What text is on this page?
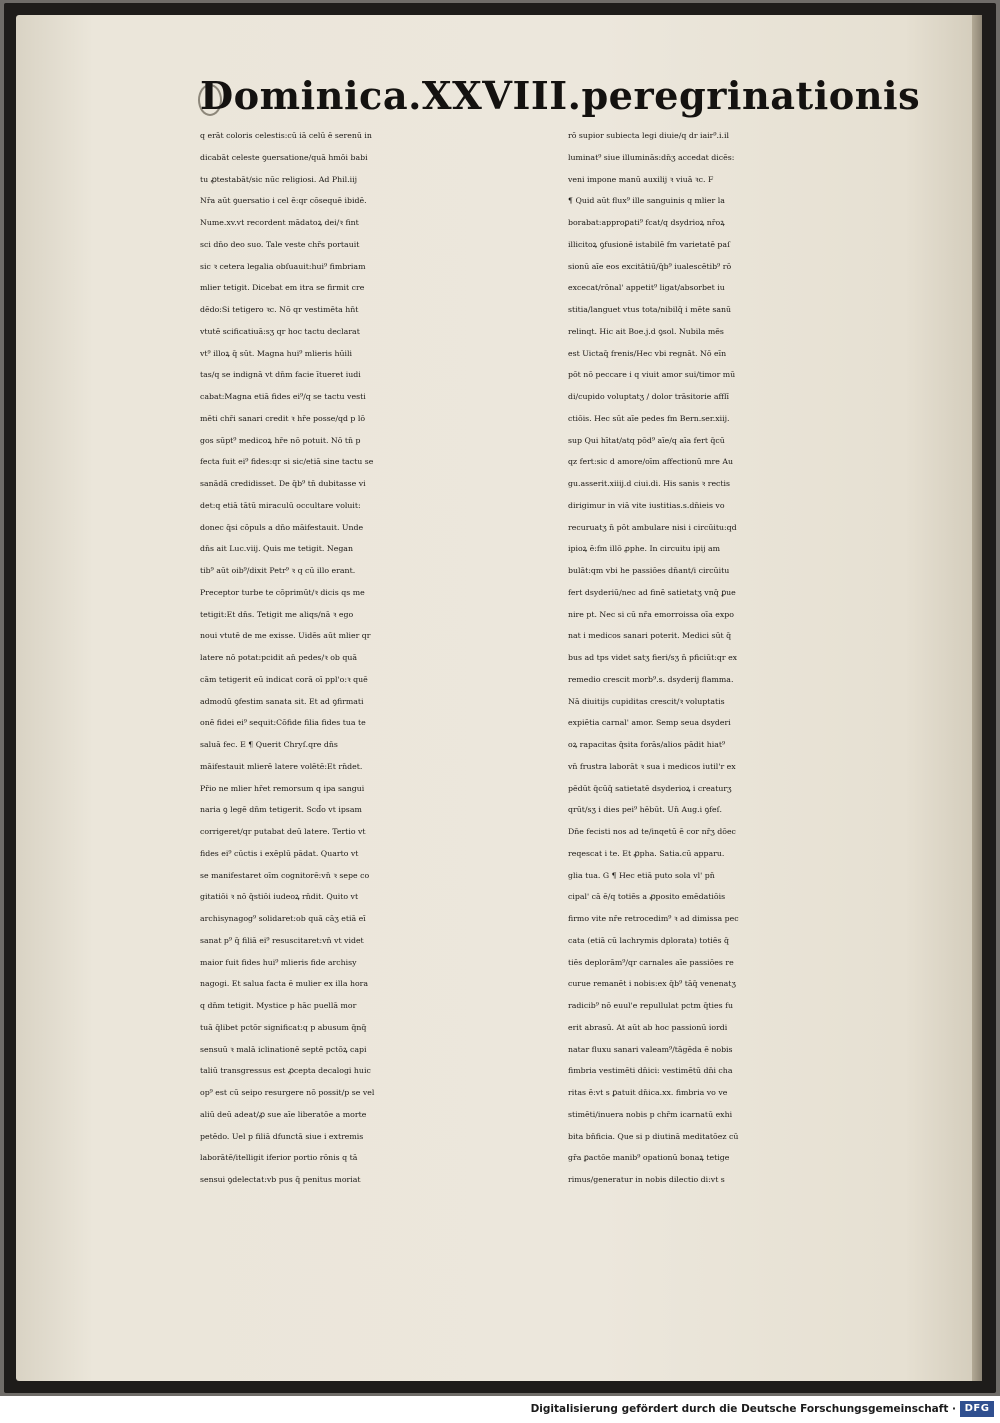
Dominica.XXVIII.peregrinationis
q erāt coloris celestis:cū iā celū ē serenū in
dicabāt celeste ꝯuersatione/quā hmōi babi
tu ꝓtestabāt/sic nūc religiosi. Ad Phil.iij
Nr̄a aūt ꝯuersatio i cel ē:qr cōsequē ibidē.
Nume.xv.vt recordent mādatoꝝ dei/ꝛ fint
sci dn̄o deo suo. Tale veste chr̄s portauit
sic ꝛ cetera legalia obſuauit:hui⁹ fimbriam
mlier tetigit. Dicebat em itra se firmit cre
dēdo:Si tetigero ꝛc. Nō qr vestimēta hn̄t
vtutē scificatiuā:sʒ qr hoc tactu declarat
vt⁹ illoꝝ q̄ sūt. Magna hui⁹ mlieris hūili
tas/q se indignā vt dn̄m facie ītueret iudi
cabat:Magna etiā fides ei⁹/q se tactu vesti
mēti chr̄i sanari credit ꝛ hr̄e posse/qd p lō
gos sūpt⁹ medicoꝝ hr̄e nō potuit. Nō tn̄ p
fecta fuit ei⁹ fides:qr si sic/etiā sine tactu se
sanādā credidisset. De q̄b⁹ tn̄ dubitasse vi
det:q etiā tātū miraculū occultare voluit:
donec q̄si cōpuls a dn̄o māifestauit. Unde
dn̄s ait Luc.viij. Quis me tetigit. Negan
tib⁹ aūt oib⁹/dixit Petr⁹ ꝛ q cū illo erant.
Preceptor turbe te cōprimūt/ꝛ dicis qs me
tetigit:Et dn̄s. Tetigit me aliqs/nā ꝛ ego
noui vtutē de me exisse. Uidēs aūt mlier qr
latere nō potat:pcidit an̄ pedes/ꝛ ob quā
cām tetigerit eū indicat corā oī ppl'o:ꝛ quē
admodū ꝯfestim sanata sit. Et ad ꝯfirmati
onē fidei ei⁹ sequit:Cōfide filia fides tua te
saluā fec. E ¶ Querit Chryſ.qre dn̄s
māifestauit mlierē latere volētē:Et rn̄det.
Pr̄io ne mlier hr̄et remorsum q ipa sangui
naria ꝯ legē dn̄m tetigerit. Scd̄o vt ipsam
corrigeret/qr putabat deū latere. Tertio vt
fides ei⁹ cūctis i exēplū pādat. Quarto vt
se manifestaret oīm cognitorē:vn̄ ꝛ sepe co
gitatiōi ꝛ nō q̄stiōi iudeoꝝ rn̄dit. Quito vt
archisynagog⁹ solidaret:ob quā cāʒ etiā eī
sanat p⁹ q̄ filiā ei⁹ resuscitaret:vn̄ vt videt
maior fuit fides hui⁹ mlieris fide archisy
nagogi. Et salua facta ē mulier ex illa hora
q dn̄m tetigit. Mystice p hāc puellā mor
tuā q̄libet pctōr significat:q p abusum q̄nq̄
sensuū ꝛ malā iclinationē septē pctōꝝ capi
taliū transgressus est ꝓcepta decalogi huic
op⁹ est cū seipo resurgere nō possit/p se vel
aliū deū adeat/ꝓ sue aīe liberatōe a morte
petēdo. Uel p filiā dfunctā siue i extremis
laborātē/itelligit iferior portio rōnis q tā
sensui ꝯdelectat:vb pus q̄ penitus moriat
rō supior subiecta legi diuie/q dr iair⁹.i.il
luminat⁹ siue illuminās:dn̄ʒ accedat dicēs:
veni impone manū auxilij ꝛ viuā ꝛc. F
¶ Quid aūt flux⁹ ille sanguinis q mlier la
borabat:approꝑati⁹ fcat/q dsydrioꝝ nr̄oꝝ
illicitoꝝ ꝯfusionē istabilē fm varietatē paſ
sionū aīe eos excitātiū/q̄b⁹ iualescētib⁹ rō
excecat/rōnal' appetit⁹ ligat/absorbet iu
stitia/languet vtus tota/nibilq̄ i mēte sanū
relinqt. Hic ait Boe.j.d ꝯsol. Nubila mēs
est Uictaq̄ frenis/Hec vbi regnāt. Nō eīn
pōt nō peccare i q viuit amor sui/timor mū
di/cupido voluptatʒ / dolor trāsitorie afflī
ctiōis. Hec sūt aīe pedes fm Bern.ser.xiij.
sup Qui hītat/atq pōd⁹ aīe/q aīa fert q̄cū
qz fert:sic d amore/oīm affectionū mre Au
gu.asserit.xiiij.d ciui.di. His sanis ꝛ rectis
dirigimur in viā vite iustitias.s.dn̄ieis vo
recuruatʒ n̄ pōt ambulare nisi i circūitu:qd
ipioꝝ ē:fm illō ꝓphe. In circuitu ipij am
bulāt:qm vbi he passiōes dn̄ant/i circūitu
fert dsyderiū/nec ad finē satietatʒ vnq̄ ꝑue
nire pt. Nec si cū nr̄a emorroissa oīa expo
nat i medicos sanari poterit. Medici sūt q̄
bus ad tps videt satʒ fieri/sʒ n̄ pficiūt:qr ex
remedio crescit morb⁹.s. dsyderij flamma.
Nā diuitijs cupiditas crescit/ꝛ voluptatis
expiētia carnal' amor. Semp seua dsyderi
oꝝ rapacitas q̄sita forās/alios pādit hiat⁹
vn̄ frustra laborāt ꝛ sua i medicos iutil'r ex
pēdūt q̄cūq̄ satietatē dsyderioꝝ i creaturʒ
qrūt/sʒ i dies pei⁹ hēbūt. Un̄ Aug.i ꝯfeſ.
Dn̄e fecisti nos ad te/inqetū ē cor nr̄ʒ dōec
reqescat i te. Et ꝓpha. Satia.cū apparu.
glia tua. G ¶ Hec etiā puto sola vl' pn̄
cipal' cā ē/q totiēs a ꝓposito emēdatiōis
firmo vite nr̄e retrocedim⁹ ꝛ ad dimissa pec
cata (etiā cū lachrymis dplorata) totiēs q̄
tiēs deplorām⁹/qr carnales aīe passiōes re
curue remanēt i nobis:ex q̄b⁹ tāq̄ venenatʒ
radicib⁹ nō euul'e repullulat pctm q̄ties fu
erit abrasū. At aūt ab hoc passionū iordi
natar fluxu sanari valeam⁹/tāgēda ē nobis
fimbria vestimēti dn̄ici: vestimētū dn̄i cha
ritas ē:vt s ꝑatuit dn̄ica.xx. fimbria vo ve
stimēti/inuera nobis p chr̄m icarnatū exhi
bita bn̄ficia. Que si p diutinā meditatōez cū
gr̄a ꝑactōe manib⁹ opationū bonaꝝ tetige
rimus/generatur in nobis dilectio di:vt s
Digitalisierung gefördert durch die Deutsche Forschungsgemeinschaft · DFG
